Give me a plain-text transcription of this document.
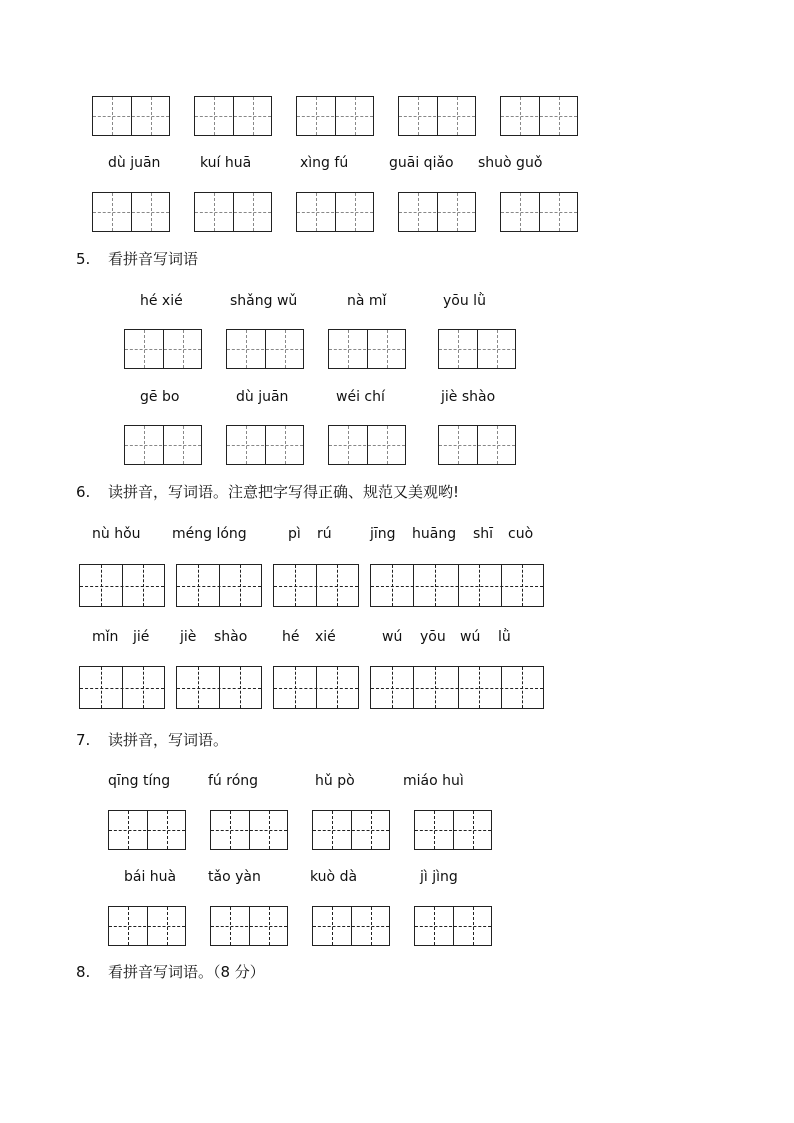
dù juān	kuí huā	xìng fú	guāi qiǎo shuò guǒ
5. 看拼音写词语
hé xié	shǎng wǔ	nà mǐ	yōu lǜ
gē bo	dù juān	wéi chí	jiè shào
6. 读拼音，写词语。注意把字写得正确、规范又美观哟!
nù hǒu méng lóng	pì rú	jīng huāng shī cuò
mǐn jié jiè shào hé xié	wú yōu wú lǜ
7. 读拼音，写词语。
qīng tíng	fú róng	hǔ pò	miáo huì
bái huà tǎo yàn	kuò dà	jì jìng
8. 看拼音写词语。（8 分）
